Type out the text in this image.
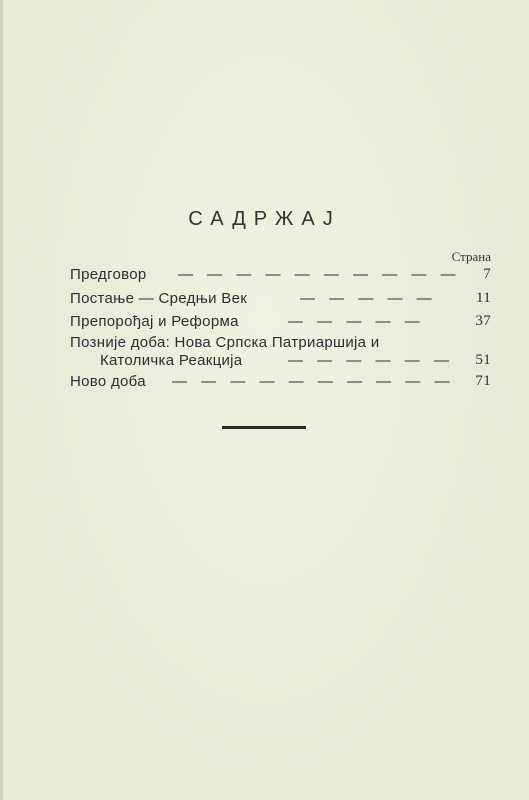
САДРЖАЈ
Страна
Предговор — — — — — — — — — — 7
Постање — Средњи Век	— — — — —	11
Препорођај и Реформа	— — — — —	37
Позније доба: Нова Српска Патриаршија и
Католичка Реакција	— — — — — — 51
Ново доба — — — — — — — — — — 71
